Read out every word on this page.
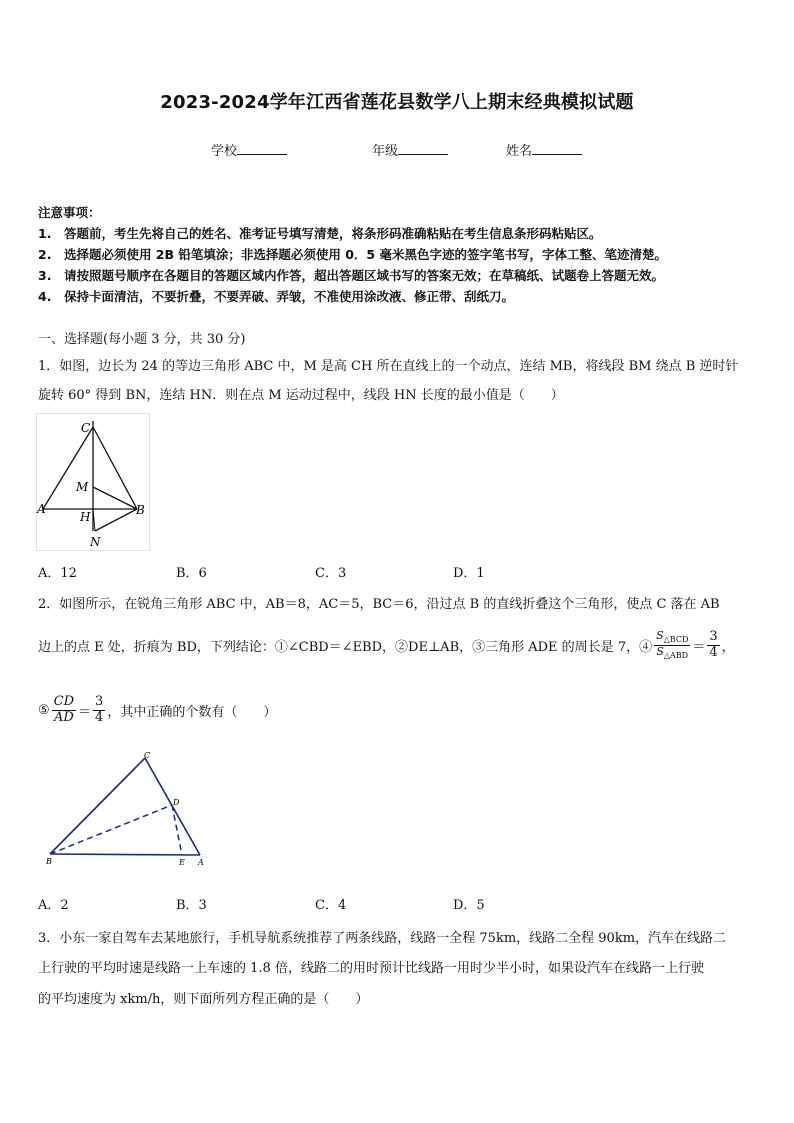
2023-2024学年江西省莲花县数学八上期末经典模拟试题
学校	年级	姓名
注意事项：
1.　答题前，考生先将自己的姓名、准考证号填写清楚，将条形码准确粘贴在考生信息条形码粘贴区。
2.　选择题必须使用 2B 铅笔填涂；非选择题必须使用 0．5 毫米黑色字迹的签字笔书写，字体工整、笔迹清楚。
3.　请按照题号顺序在各题目的答题区域内作答，超出答题区域书写的答案无效；在草稿纸、试题卷上答题无效。
4.　保持卡面清洁，不要折叠，不要弄破、弄皱，不准使用涂改液、修正带、刮纸刀。
一、选择题(每小题 3 分，共 30 分)
1．如图，边长为 24 的等边三角形 ABC 中，M 是高 CH 所在直线上的一个动点，连结 MB，将线段 BM 绕点 B 逆时针
旋转 60° 得到 BN，连结 HN．则在点 M 运动过程中，线段 HN 长度的最小值是（　　）
C
M
A
H	B
N
A．12	B．6	C．3	D．1
2．如图所示，在锐角三角形 ABC 中，AB＝8，AC＝5，BC＝6，沿过点 B 的直线折叠这个三角形，使点 C 落在 AB
边上的点 E 处，折痕为 BD，下列结论：①∠CBD＝∠EBD，②DE⊥AB，③三角形 ADE 的周长是 7，④ $\frac{S_{\triangle BCD}}{S_{\triangle ABD}} = \frac{3}{4}$ ，
⑤ $\frac{CD}{AD} = \frac{3}{4}$ ，其中正确的个数有（　　）
C
D
B	E A
A．2	B．3	C．4	D．5
3．小东一家自驾车去某地旅行，手机导航系统推荐了两条线路，线路一全程 75km，线路二全程 90km，汽车在线路二
上行驶的平均时速是线路一上车速的 1.8 倍，线路二的用时预计比线路一用时少半小时，如果设汽车在线路一上行驶
的平均速度为 xkm/h，则下面所列方程正确的是（　　）
